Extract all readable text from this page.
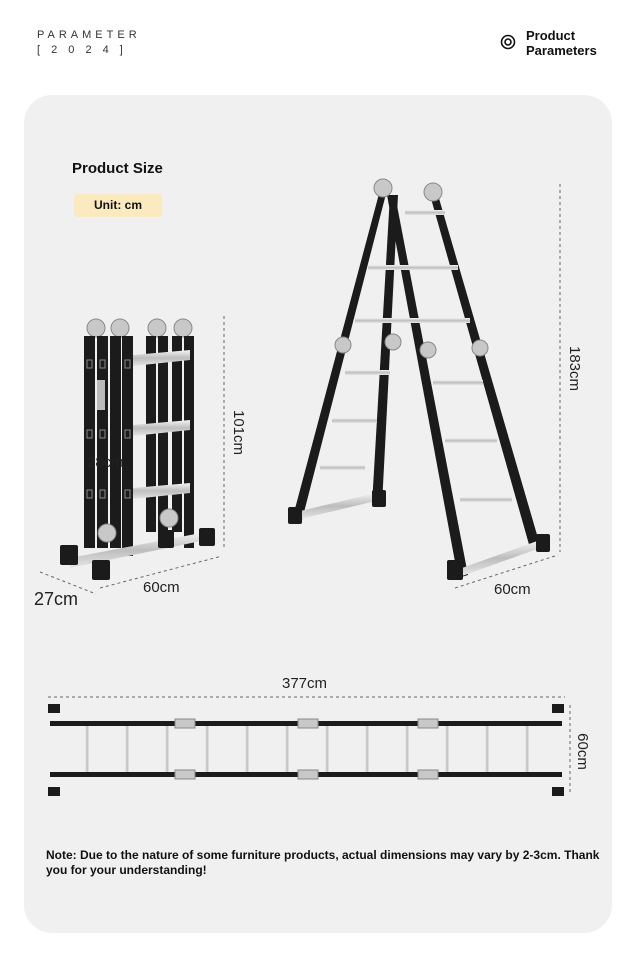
PARAMETER
[ 2 0 2 4 ]
Product
Parameters
Product Size
Unit: cm
101cm
28cm
60cm
27cm
183cm
60cm
377cm
60cm
Note: Due to the nature of some furniture products, actual dimensions may vary by 2-3cm. Thank you for your understanding!
